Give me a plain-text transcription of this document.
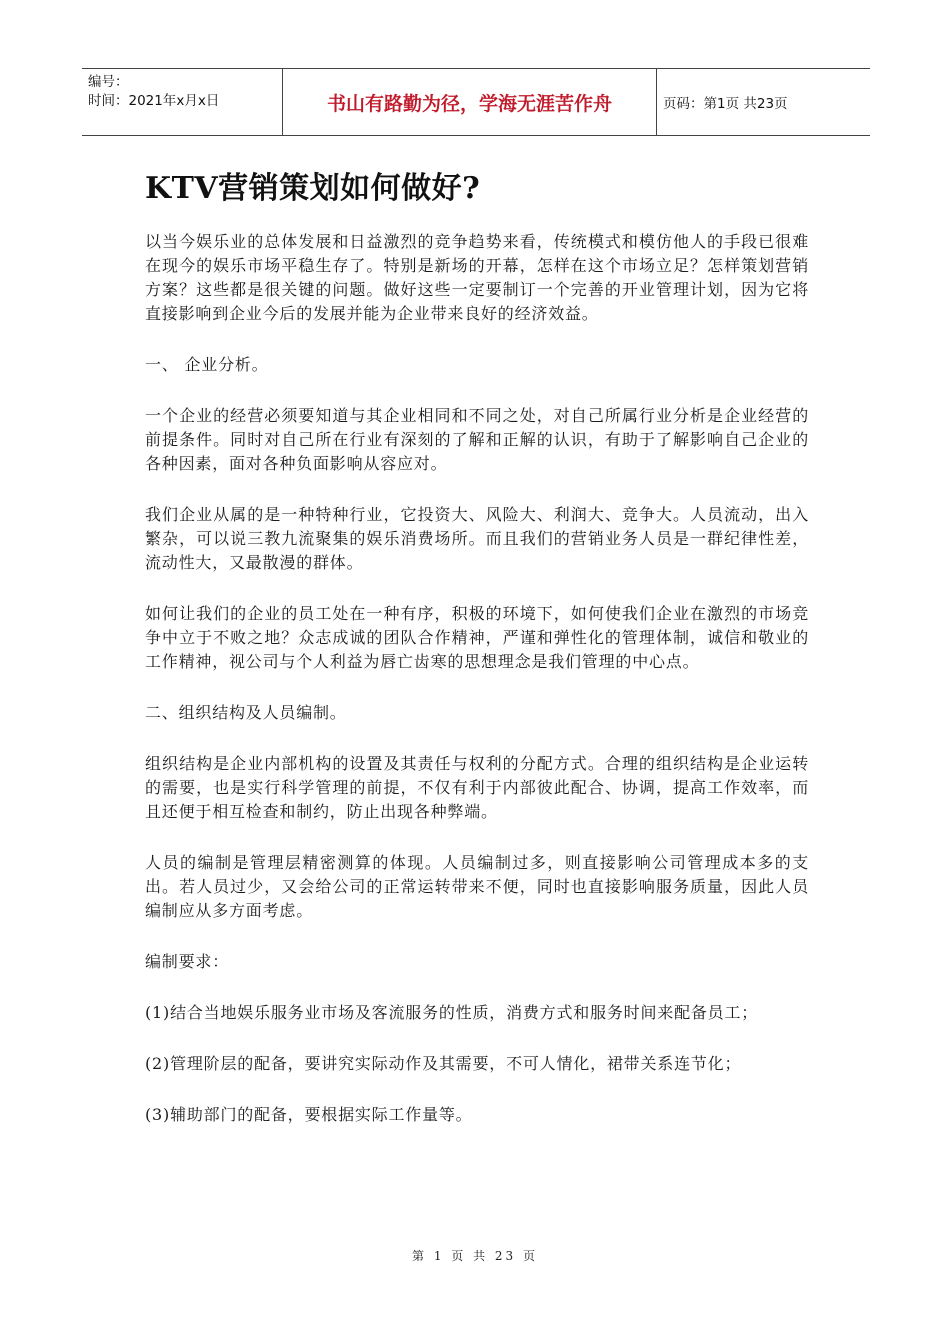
编号：
时间：2021年x月x日	书山有路勤为径，学海无涯苦作舟	页码：第1页 共23页
KTV营销策划如何做好?

以当今娱乐业的总体发展和日益激烈的竞争趋势来看，传统模式和模仿他人的手段已很难在现今的娱乐市场平稳生存了。特别是新场的开幕，怎样在这个市场立足？怎样策划营销方案？这些都是很关键的问题。做好这些一定要制订一个完善的开业管理计划，因为它将直接影响到企业今后的发展并能为企业带来良好的经济效益。

一、 企业分析。

一个企业的经营必须要知道与其企业相同和不同之处，对自己所属行业分析是企业经营的前提条件。同时对自己所在行业有深刻的了解和正解的认识，有助于了解影响自己企业的各种因素，面对各种负面影响从容应对。

我们企业从属的是一种特种行业，它投资大、风险大、利润大、竞争大。人员流动，出入繁杂，可以说三教九流聚集的娱乐消费场所。而且我们的营销业务人员是一群纪律性差，流动性大，又最散漫的群体。

如何让我们的企业的员工处在一种有序，积极的环境下，如何使我们企业在激烈的市场竞争中立于不败之地？众志成诚的团队合作精神，严谨和弹性化的管理体制，诚信和敬业的工作精神，视公司与个人利益为唇亡齿寒的思想理念是我们管理的中心点。

二、组织结构及人员编制。

组织结构是企业内部机构的设置及其责任与权利的分配方式。合理的组织结构是企业运转的需要，也是实行科学管理的前提，不仅有利于内部彼此配合、协调，提高工作效率，而且还便于相互检查和制约，防止出现各种弊端。

人员的编制是管理层精密测算的体现。人员编制过多，则直接影响公司管理成本多的支出。若人员过少，又会给公司的正常运转带来不便，同时也直接影响服务质量，因此人员编制应从多方面考虑。

编制要求：

(1)结合当地娱乐服务业市场及客流服务的性质，消费方式和服务时间来配备员工；

(2)管理阶层的配备，要讲究实际动作及其需要，不可人情化，裙带关系连节化；

(3)辅助部门的配备，要根据实际工作量等。

第 1 页 共 23 页
